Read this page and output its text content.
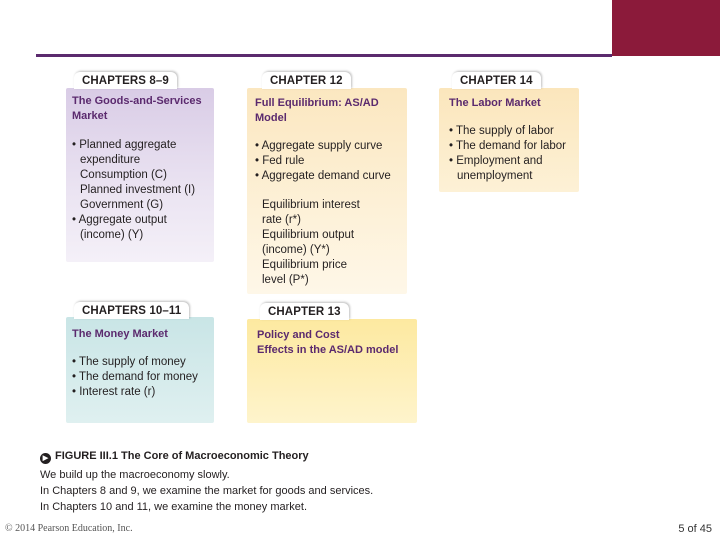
The Goods-and-Services
Market
• Planned aggregate
expenditure
Consumption (C)
Planned investment (I)
Government (G)
• Aggregate output
(income) (Y)
CHAPTERS 8–9
Full Equilibrium: AS/AD
Model
• Aggregate supply curve
• Fed rule
• Aggregate demand curve
Equilibrium interest
rate (r*)
Equilibrium output
(income) (Y*)
Equilibrium price
level (P*)
CHAPTER 12
The Labor Market
• The supply of labor
• The demand for labor
• Employment and
unemployment
CHAPTER 14
The Money Market
• The supply of money
• The demand for money
• Interest rate (r)
CHAPTERS 10–11
Policy and Cost
Effects in the AS/AD model
CHAPTER 13
▶ FIGURE III.1 The Core of Macroeconomic Theory
We build up the macroeconomy slowly.
In Chapters 8 and 9, we examine the market for goods and services.
In Chapters 10 and 11, we examine the money market.
© 2014 Pearson Education, Inc.	5 of 45
